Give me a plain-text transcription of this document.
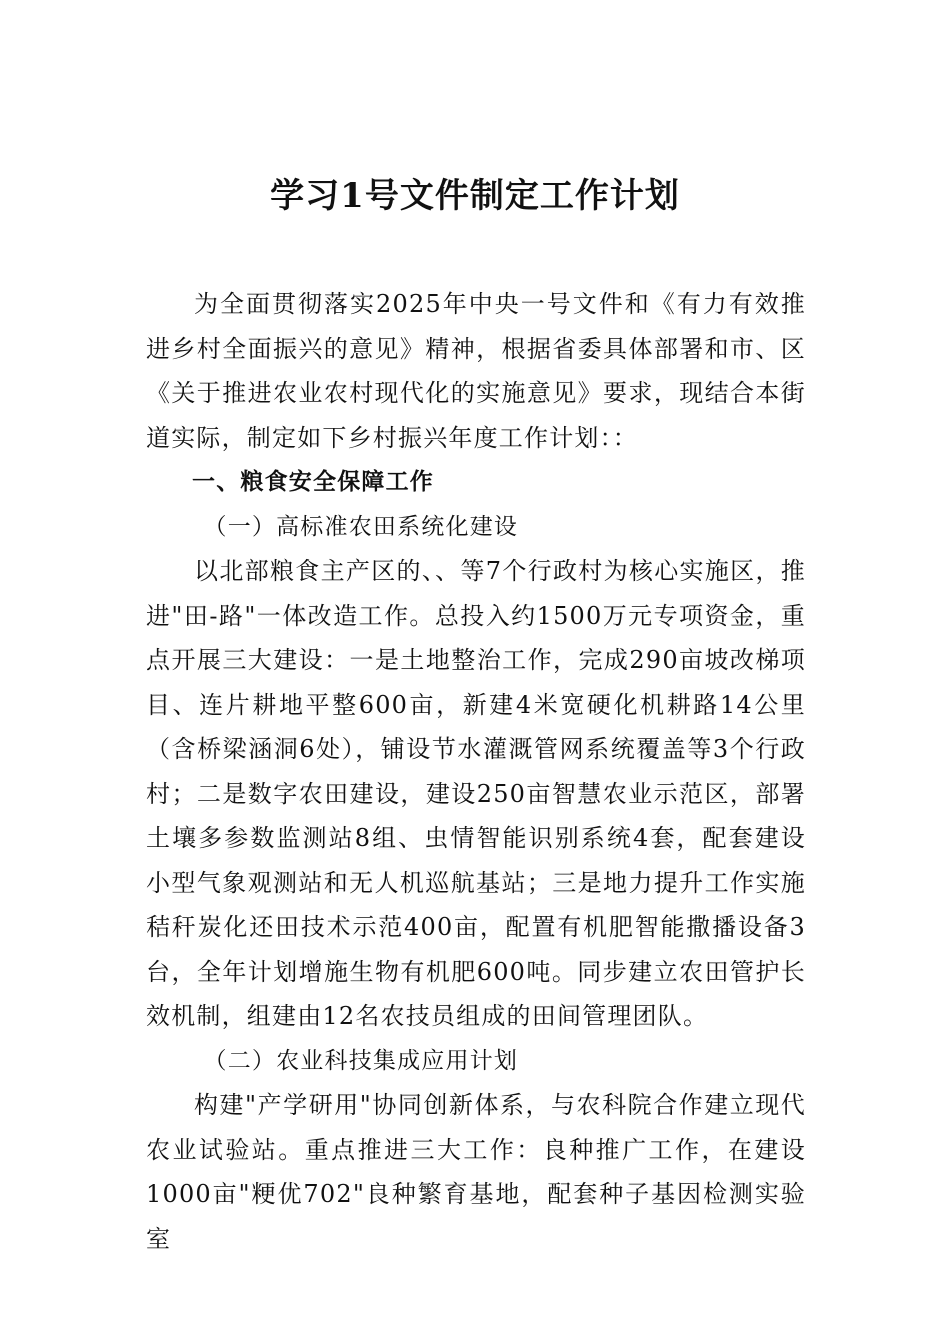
学习1号文件制定工作计划

为全面贯彻落实2025年中央一号文件和《有力有效推进乡村全面振兴的意见》精神，根据省委具体部署和市、区《关于推进农业农村现代化的实施意见》要求，现结合本街道实际，制定如下乡村振兴年度工作计划：：

一、粮食安全保障工作

（一）高标准农田系统化建设

以北部粮食主产区的、、等7个行政村为核心实施区，推进"田-路"一体改造工作。总投入约1500万元专项资金，重点开展三大建设：一是土地整治工作，完成290亩坡改梯项目、连片耕地平整600亩，新建4米宽硬化机耕路14公里（含桥梁涵洞6处），铺设节水灌溉管网系统覆盖等3个行政村；二是数字农田建设，建设250亩智慧农业示范区，部署土壤多参数监测站8组、虫情智能识别系统4套，配套建设小型气象观测站和无人机巡航基站；三是地力提升工作实施秸秆炭化还田技术示范400亩，配置有机肥智能撒播设备3台，全年计划增施生物有机肥600吨。同步建立农田管护长效机制，组建由12名农技员组成的田间管理团队。

（二）农业科技集成应用计划

构建"产学研用"协同创新体系，与农科院合作建立现代农业试验站。重点推进三大工作：良种推广工作，在建设1000亩"粳优702"良种繁育基地，配套种子基因检测实验室
